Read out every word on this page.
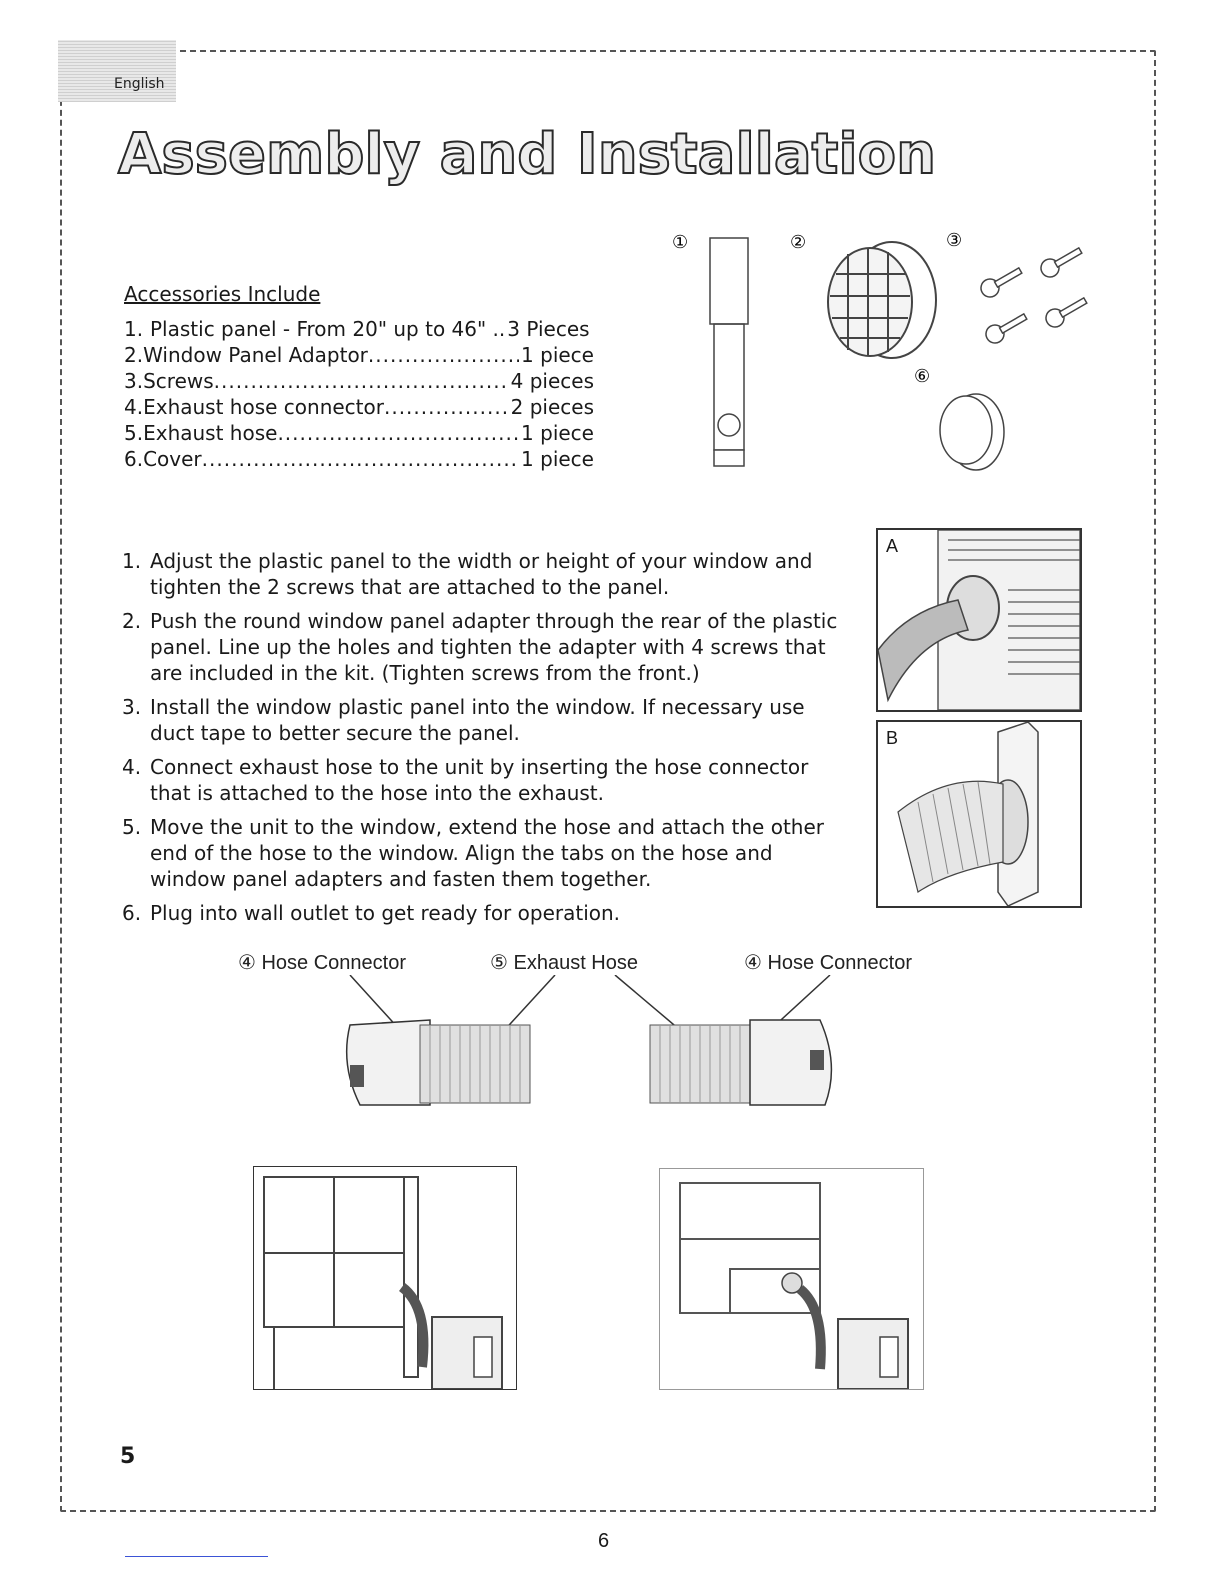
English
Assembly and Installation
Accessories Include
1. Plastic panel - From 20" up to 46" .. 3 Pieces
2. Window Panel Adaptor .....	1 piece
3. Screws .....	4 pieces
4. Exhaust hose connector .....	2 pieces
5. Exhaust hose .....	1 piece
6. Cover .....	1 piece
①	②	③
⑥
1. Adjust the plastic panel to the width or height of your window and tighten the 2 screws that are attached to the panel.
2. Push the round window panel adapter through the rear of the plastic panel. Line up the holes and tighten the adapter with 4 screws that are included in the kit. (Tighten screws from the front.)
3. Install the window plastic panel into the window. If necessary use duct tape to better secure the panel.
4. Connect exhaust hose to the unit by inserting the hose connector that is attached to the hose into the exhaust.
5. Move the unit to the window, extend the hose and attach the other end of the hose to the window. Align the tabs on the hose and window panel adapters and fasten them together.
6. Plug into wall outlet to get ready for operation.
A
B
④ Hose Connector	⑤ Exhaust Hose	④ Hose Connector
5
6
